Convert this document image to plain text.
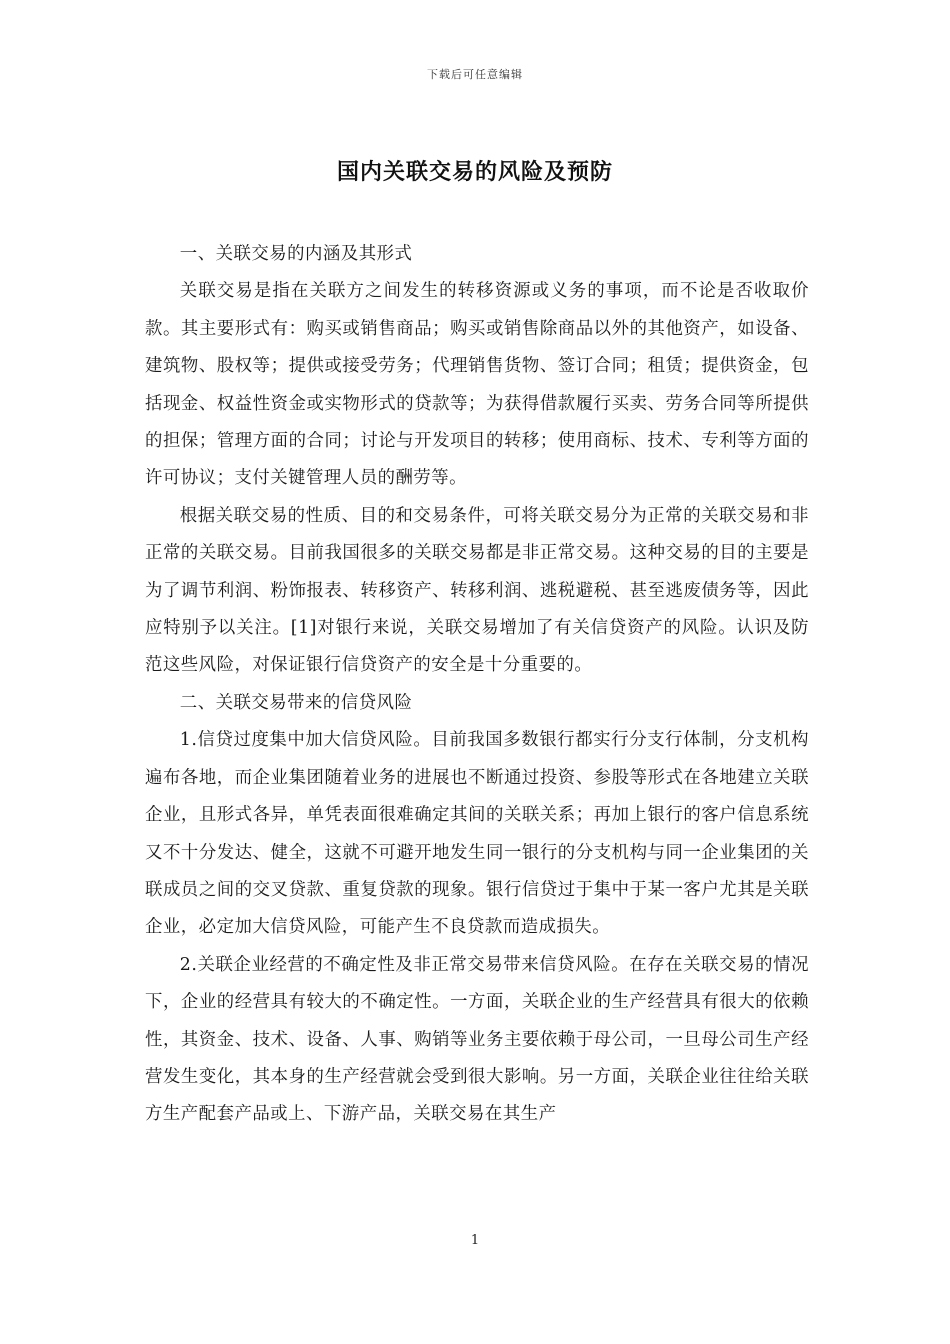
下载后可任意编辑
国内关联交易的风险及预防

一、关联交易的内涵及其形式

关联交易是指在关联方之间发生的转移资源或义务的事项，而不论是否收取价款。其主要形式有：购买或销售商品；购买或销售除商品以外的其他资产，如设备、建筑物、股权等；提供或接受劳务；代理销售货物、签订合同；租赁；提供资金，包括现金、权益性资金或实物形式的贷款等；为获得借款履行买卖、劳务合同等所提供的担保；管理方面的合同；讨论与开发项目的转移；使用商标、技术、专利等方面的许可协议；支付关键管理人员的酬劳等。

根据关联交易的性质、目的和交易条件，可将关联交易分为正常的关联交易和非正常的关联交易。目前我国很多的关联交易都是非正常交易。这种交易的目的主要是为了调节利润、粉饰报表、转移资产、转移利润、逃税避税、甚至逃废债务等，因此应特别予以关注。[1]对银行来说，关联交易增加了有关信贷资产的风险。认识及防范这些风险，对保证银行信贷资产的安全是十分重要的。

二、关联交易带来的信贷风险

1.信贷过度集中加大信贷风险。目前我国多数银行都实行分支行体制，分支机构遍布各地，而企业集团随着业务的进展也不断通过投资、参股等形式在各地建立关联企业，且形式各异，单凭表面很难确定其间的关联关系；再加上银行的客户信息系统又不十分发达、健全，这就不可避开地发生同一银行的分支机构与同一企业集团的关联成员之间的交叉贷款、重复贷款的现象。银行信贷过于集中于某一客户尤其是关联企业，必定加大信贷风险，可能产生不良贷款而造成损失。

2.关联企业经营的不确定性及非正常交易带来信贷风险。在存在关联交易的情况下，企业的经营具有较大的不确定性。一方面，关联企业的生产经营具有很大的依赖性，其资金、技术、设备、人事、购销等业务主要依赖于母公司，一旦母公司生产经营发生变化，其本身的生产经营就会受到很大影响。另一方面，关联企业往往给关联方生产配套产品或上、下游产品，关联交易在其生产

1
